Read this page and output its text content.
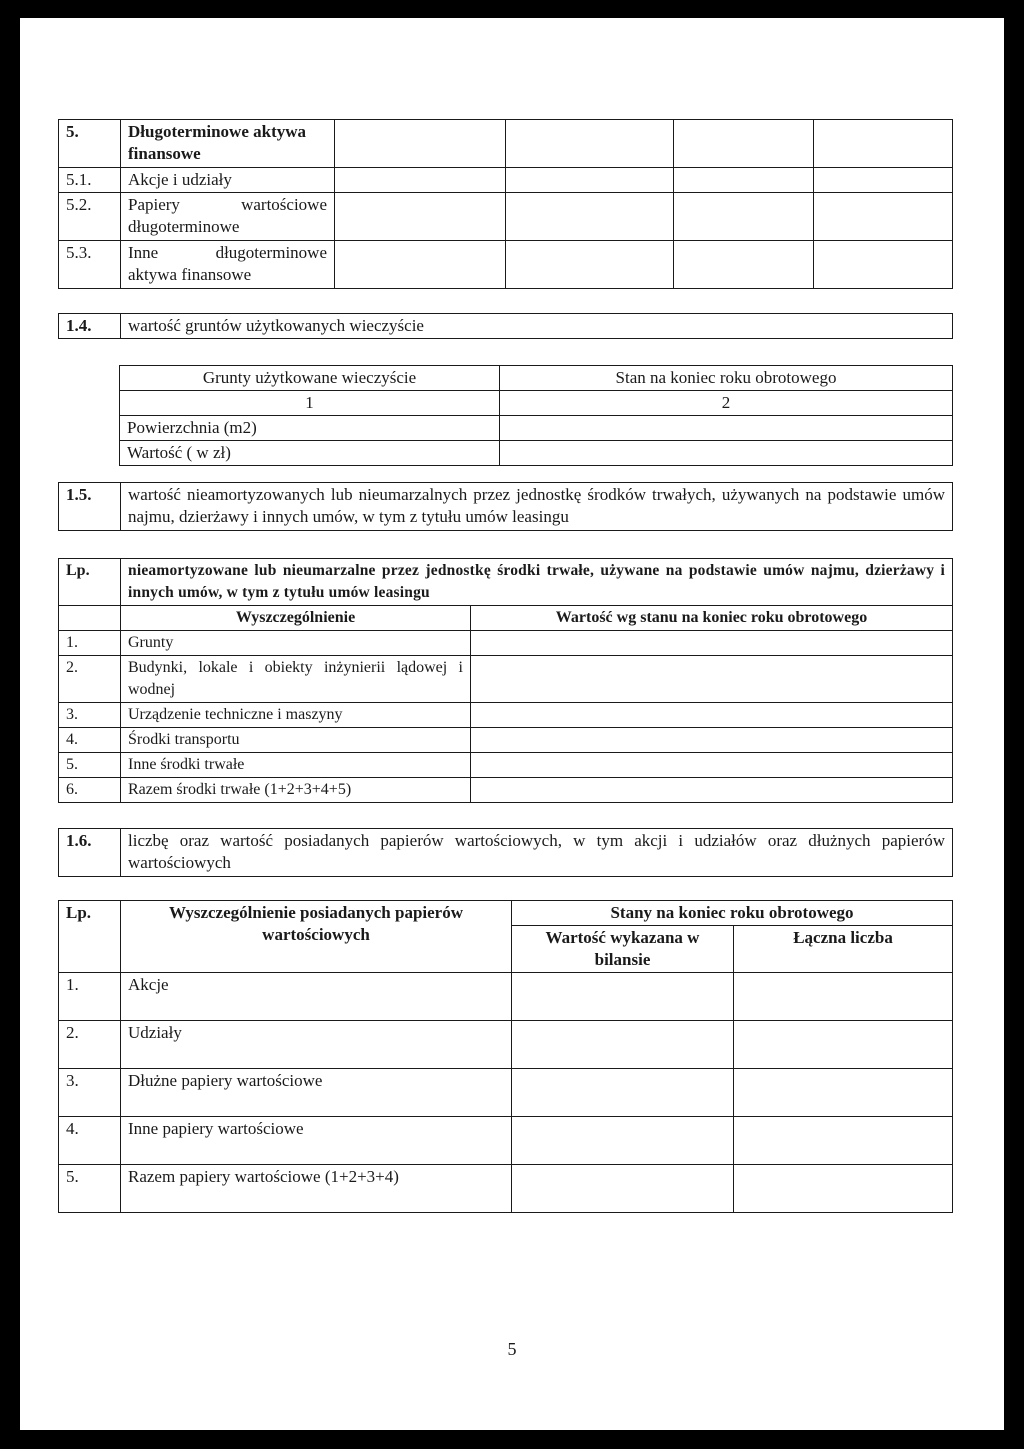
5.	Długoterminowe aktywa finansowe				
5.1.	Akcje i udziały				
5.2.	Papiery wartościowe długoterminowe				
5.3.	Inne długoterminowe aktywa finansowe				
1.4.	wartość gruntów użytkowanych wieczyście
Grunty użytkowane wieczyście	Stan na koniec roku obrotowego
1	2
Powierzchnia (m2)	
Wartość ( w zł)	
1.5.	wartość nieamortyzowanych lub nieumarzalnych przez jednostkę środków trwałych, używanych na podstawie umów najmu, dzierżawy i innych umów, w tym z tytułu umów leasingu
Lp.	nieamortyzowane lub nieumarzalne przez jednostkę środki trwałe, używane na podstawie umów najmu, dzierżawy i innych umów, w tym z tytułu umów leasingu	
	Wyszczególnienie	Wartość wg stanu na koniec roku obrotowego
1.	Grunty	
2.	Budynki, lokale i obiekty inżynierii lądowej i wodnej	
3.	Urządzenie techniczne i maszyny	
4.	Środki transportu	
5.	Inne środki trwałe	
6.	Razem środki trwałe (1+2+3+4+5)	
1.6.	liczbę oraz wartość posiadanych papierów wartościowych, w tym akcji i udziałów oraz dłużnych papierów wartościowych
Lp.	Wyszczególnienie posiadanych papierów wartościowych	Stany na koniec roku obrotowego	
		Wartość wykazana w bilansie	Łączna liczba
1.	Akcje		
2.	Udziały		
3.	Dłużne papiery wartościowe		
4.	Inne papiery wartościowe		
5.	Razem papiery wartościowe (1+2+3+4)		
5
